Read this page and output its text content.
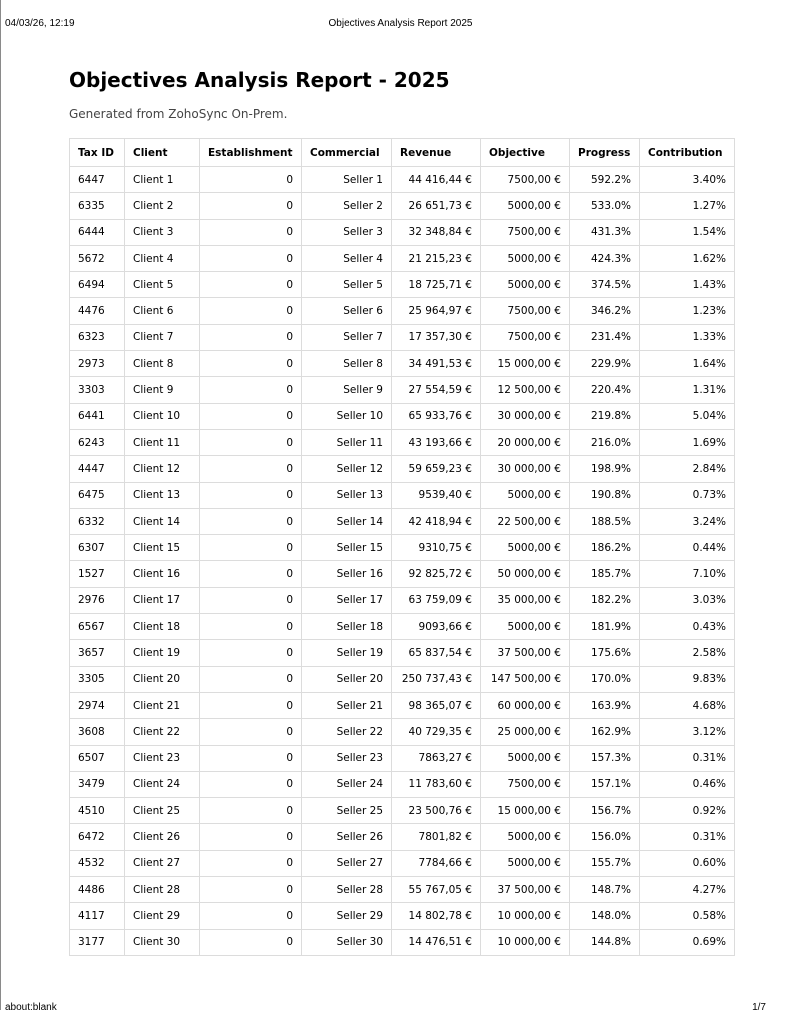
04/03/26, 12:19	Objectives Analysis Report 2025
Objectives Analysis Report - 2025
Generated from ZohoSync On-Prem.
Tax ID	Client	Establishment	Commercial	Revenue	Objective	Progress	Contribution
6447	Client 1	0	Seller 1	44 416,44 €	7500,00 €	592.2%	3.40%
6335	Client 2	0	Seller 2	26 651,73 €	5000,00 €	533.0%	1.27%
6444	Client 3	0	Seller 3	32 348,84 €	7500,00 €	431.3%	1.54%
5672	Client 4	0	Seller 4	21 215,23 €	5000,00 €	424.3%	1.62%
6494	Client 5	0	Seller 5	18 725,71 €	5000,00 €	374.5%	1.43%
4476	Client 6	0	Seller 6	25 964,97 €	7500,00 €	346.2%	1.23%
6323	Client 7	0	Seller 7	17 357,30 €	7500,00 €	231.4%	1.33%
2973	Client 8	0	Seller 8	34 491,53 €	15 000,00 €	229.9%	1.64%
3303	Client 9	0	Seller 9	27 554,59 €	12 500,00 €	220.4%	1.31%
6441	Client 10	0	Seller 10	65 933,76 €	30 000,00 €	219.8%	5.04%
6243	Client 11	0	Seller 11	43 193,66 €	20 000,00 €	216.0%	1.69%
4447	Client 12	0	Seller 12	59 659,23 €	30 000,00 €	198.9%	2.84%
6475	Client 13	0	Seller 13	9539,40 €	5000,00 €	190.8%	0.73%
6332	Client 14	0	Seller 14	42 418,94 €	22 500,00 €	188.5%	3.24%
6307	Client 15	0	Seller 15	9310,75 €	5000,00 €	186.2%	0.44%
1527	Client 16	0	Seller 16	92 825,72 €	50 000,00 €	185.7%	7.10%
2976	Client 17	0	Seller 17	63 759,09 €	35 000,00 €	182.2%	3.03%
6567	Client 18	0	Seller 18	9093,66 €	5000,00 €	181.9%	0.43%
3657	Client 19	0	Seller 19	65 837,54 €	37 500,00 €	175.6%	2.58%
3305	Client 20	0	Seller 20	250 737,43 €	147 500,00 €	170.0%	9.83%
2974	Client 21	0	Seller 21	98 365,07 €	60 000,00 €	163.9%	4.68%
3608	Client 22	0	Seller 22	40 729,35 €	25 000,00 €	162.9%	3.12%
6507	Client 23	0	Seller 23	7863,27 €	5000,00 €	157.3%	0.31%
3479	Client 24	0	Seller 24	11 783,60 €	7500,00 €	157.1%	0.46%
4510	Client 25	0	Seller 25	23 500,76 €	15 000,00 €	156.7%	0.92%
6472	Client 26	0	Seller 26	7801,82 €	5000,00 €	156.0%	0.31%
4532	Client 27	0	Seller 27	7784,66 €	5000,00 €	155.7%	0.60%
4486	Client 28	0	Seller 28	55 767,05 €	37 500,00 €	148.7%	4.27%
4117	Client 29	0	Seller 29	14 802,78 €	10 000,00 €	148.0%	0.58%
3177	Client 30	0	Seller 30	14 476,51 €	10 000,00 €	144.8%	0.69%
about:blank	1/7
